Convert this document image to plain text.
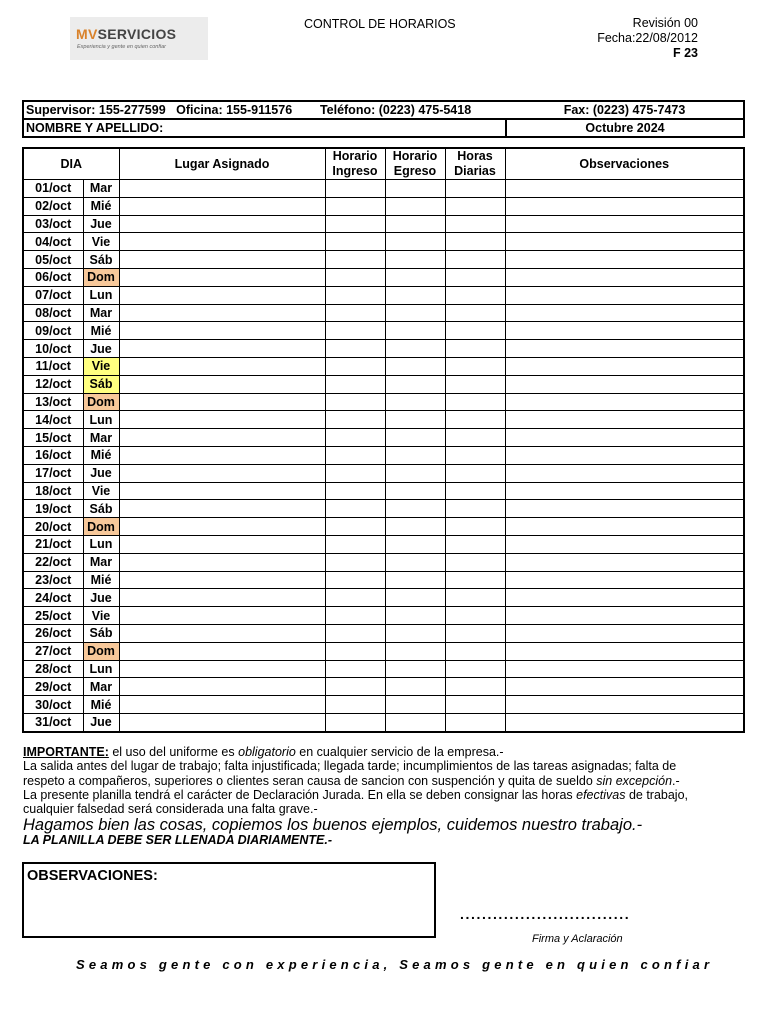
MVSERVICIOS
Experiencia y gente en quien confiar
CONTROL DE HORARIOS	Revisión 00
Fecha:22/08/2012
F 23
Supervisor: 155-277599 Oficina: 155-911576 Teléfono: (0223) 475-5418	Fax: (0223) 475-7473
NOMBRE Y APELLIDO:	Octubre 2024
DIA		Lugar Asignado	Horario Ingreso	Horario Egreso	Horas Diarias	Observaciones
01/oct	Mar					
02/oct	Mié					
03/oct	Jue					
04/oct	Vie					
05/oct	Sáb					
06/oct	Dom					
07/oct	Lun					
08/oct	Mar					
09/oct	Mié					
10/oct	Jue					
11/oct	Vie					
12/oct	Sáb					
13/oct	Dom					
14/oct	Lun					
15/oct	Mar					
16/oct	Mié					
17/oct	Jue					
18/oct	Vie					
19/oct	Sáb					
20/oct	Dom					
21/oct	Lun					
22/oct	Mar					
23/oct	Mié					
24/oct	Jue					
25/oct	Vie					
26/oct	Sáb					
27/oct	Dom					
28/oct	Lun					
29/oct	Mar					
30/oct	Mié					
31/oct	Jue					
IMPORTANTE: el uso del uniforme es obligatorio en cualquier servicio de la empresa.-
La salida antes del lugar de trabajo; falta injustificada; llegada tarde; incumplimientos de las tareas asignadas; falta de
respeto a compañeros, superiores o clientes seran causa de sancion con suspención y quita de sueldo sin excepción.-
La presente planilla tendrá el carácter de Declaración Jurada. En ella se deben consignar las horas efectivas de trabajo,
cualquier falsedad será considerada una falta grave.-
Hagamos bien las cosas, copiemos los buenos ejemplos, cuidemos nuestro trabajo.-
LA PLANILLA DEBE SER LLENADA DIARIAMENTE.-
OBSERVACIONES:
...............................
Firma y Aclaración
Seamos gente con experiencia, Seamos gente en quien confiar
